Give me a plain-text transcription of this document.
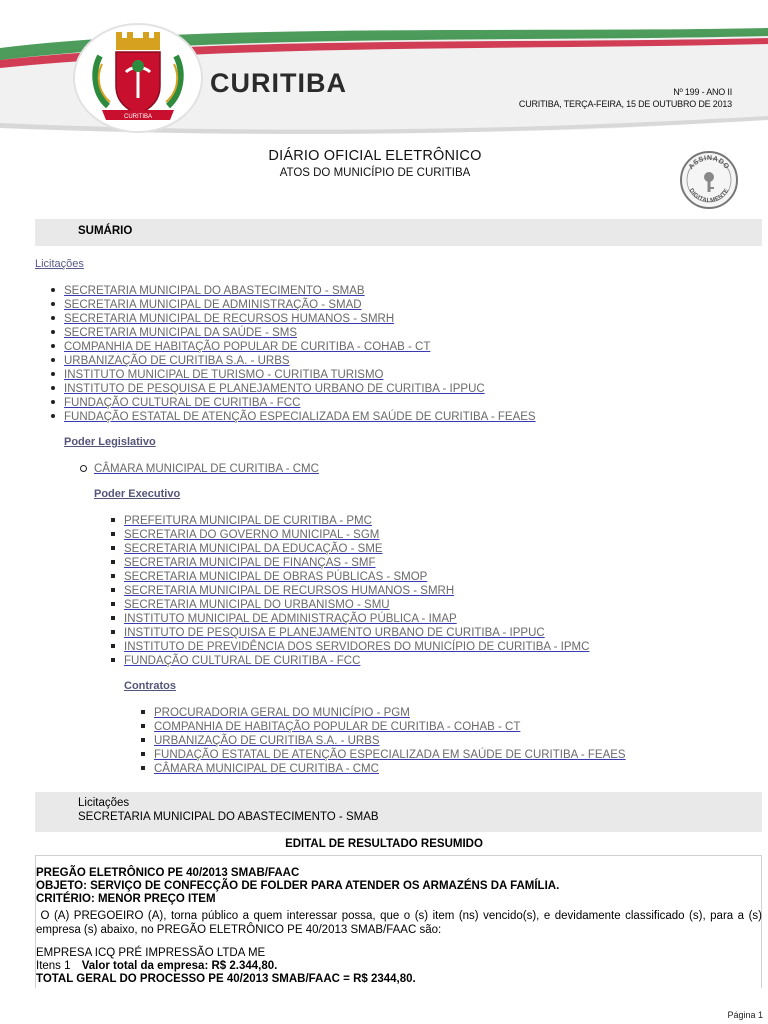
CURITIBA
CURITIBA	Nº 199 - ANO II
CURITIBA, TERÇA-FEIRA, 15 DE OUTUBRO DE 2013
DIÁRIO OFICIAL ELETRÔNICO
ATOS DO MUNICÍPIO DE CURITIBA
ASSINADO
DIGITALMENTE
SUMÁRIO
Licitações
SECRETARIA MUNICIPAL DO ABASTECIMENTO - SMAB
SECRETARIA MUNICIPAL DE ADMINISTRAÇÃO - SMAD
SECRETARIA MUNICIPAL DE RECURSOS HUMANOS - SMRH
SECRETARIA MUNICIPAL DA SAÚDE - SMS
COMPANHIA DE HABITAÇÃO POPULAR DE CURITIBA - COHAB - CT
URBANIZAÇÃO DE CURITIBA S.A. - URBS
INSTITUTO MUNICIPAL DE TURISMO - CURITIBA TURISMO
INSTITUTO DE PESQUISA E PLANEJAMENTO URBANO DE CURITIBA - IPPUC
FUNDAÇÃO CULTURAL DE CURITIBA - FCC
FUNDAÇÃO ESTATAL DE ATENÇÃO ESPECIALIZADA EM SAÚDE DE CURITIBA - FEAES
Poder Legislativo
CÂMARA MUNICIPAL DE CURITIBA - CMC
Poder Executivo
PREFEITURA MUNICIPAL DE CURITIBA - PMC
SECRETARIA DO GOVERNO MUNICIPAL - SGM
SECRETARIA MUNICIPAL DA EDUCAÇÃO - SME
SECRETARIA MUNICIPAL DE FINANÇAS - SMF
SECRETARIA MUNICIPAL DE OBRAS PÚBLICAS - SMOP
SECRETARIA MUNICIPAL DE RECURSOS HUMANOS - SMRH
SECRETARIA MUNICIPAL DO URBANISMO - SMU
INSTITUTO MUNICIPAL DE ADMINISTRAÇÃO PÚBLICA - IMAP
INSTITUTO DE PESQUISA E PLANEJAMENTO URBANO DE CURITIBA - IPPUC
INSTITUTO DE PREVIDÊNCIA DOS SERVIDORES DO MUNICÍPIO DE CURITIBA - IPMC
FUNDAÇÃO CULTURAL DE CURITIBA - FCC
Contratos
PROCURADORIA GERAL DO MUNICÍPIO - PGM
COMPANHIA DE HABITAÇÃO POPULAR DE CURITIBA - COHAB - CT
URBANIZAÇÃO DE CURITIBA S.A. - URBS
FUNDAÇÃO ESTATAL DE ATENÇÃO ESPECIALIZADA EM SAÚDE DE CURITIBA - FEAES
CÂMARA MUNICIPAL DE CURITIBA - CMC
Licitações
SECRETARIA MUNICIPAL DO ABASTECIMENTO - SMAB
EDITAL DE RESULTADO RESUMIDO
PREGÃO ELETRÔNICO PE 40/2013 SMAB/FAAC
OBJETO: SERVIÇO DE CONFECÇÃO DE FOLDER PARA ATENDER OS ARMAZÉNS DA FAMÍLIA.
CRITÉRIO: MENOR PREÇO ITEM
O (A) PREGOEIRO (A), torna público a quem interessar possa, que o (s) item (ns) vencido(s), e devidamente classificado (s), para a (s) empresa (s) abaixo, no PREGÃO ELETRÔNICO PE 40/2013 SMAB/FAAC são:
EMPRESA ICQ PRÉ IMPRESSÃO LTDA ME
Itens 1 Valor total da empresa: R$ 2.344,80.
TOTAL GERAL DO PROCESSO PE 40/2013 SMAB/FAAC = R$ 2344,80.
Página 1
